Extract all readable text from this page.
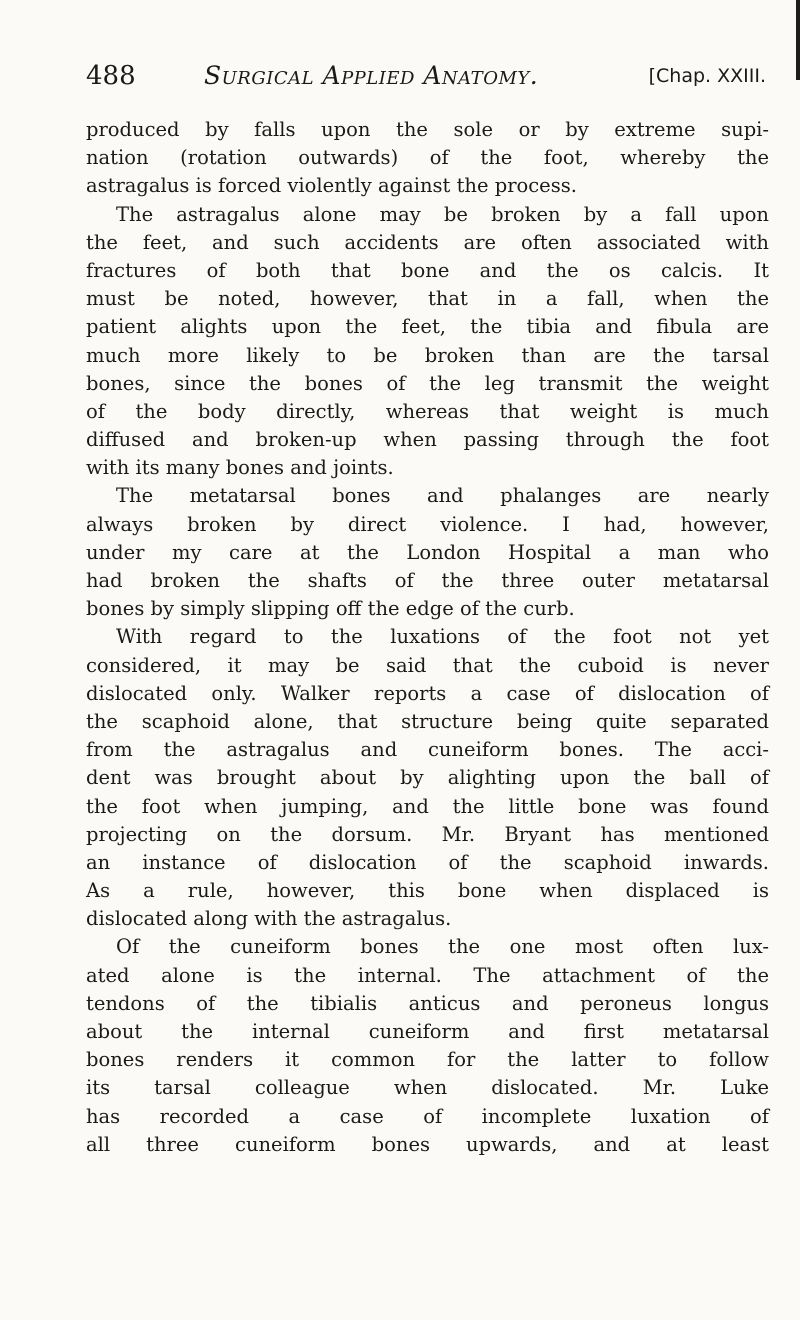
488	Surgical Applied Anatomy.	[Chap. XXIII.
produced by falls upon the sole or by extreme supi-
nation (rotation outwards) of the foot, whereby the
astragalus is forced violently against the process.
The astragalus alone may be broken by a fall upon
the feet, and such accidents are often associated with
fractures of both that bone and the os calcis. It
must be noted, however, that in a fall, when the
patient alights upon the feet, the tibia and fibula are
much more likely to be broken than are the tarsal
bones, since the bones of the leg transmit the weight
of the body directly, whereas that weight is much
diffused and broken-up when passing through the foot
with its many bones and joints.
The metatarsal bones and phalanges are nearly
always broken by direct violence. I had, however,
under my care at the London Hospital a man who
had broken the shafts of the three outer metatarsal
bones by simply slipping off the edge of the curb.
With regard to the luxations of the foot not yet
considered, it may be said that the cuboid is never
dislocated only. Walker reports a case of dislocation of
the scaphoid alone, that structure being quite separated
from the astragalus and cuneiform bones. The acci-
dent was brought about by alighting upon the ball of
the foot when jumping, and the little bone was found
projecting on the dorsum. Mr. Bryant has mentioned
an instance of dislocation of the scaphoid inwards.
As a rule, however, this bone when displaced is
dislocated along with the astragalus.
Of the cuneiform bones the one most often lux-
ated alone is the internal. The attachment of the
tendons of the tibialis anticus and peroneus longus
about the internal cuneiform and first metatarsal
bones renders it common for the latter to follow
its tarsal colleague when dislocated. Mr. Luke
has recorded a case of incomplete luxation of
all three cuneiform bones upwards, and at least
